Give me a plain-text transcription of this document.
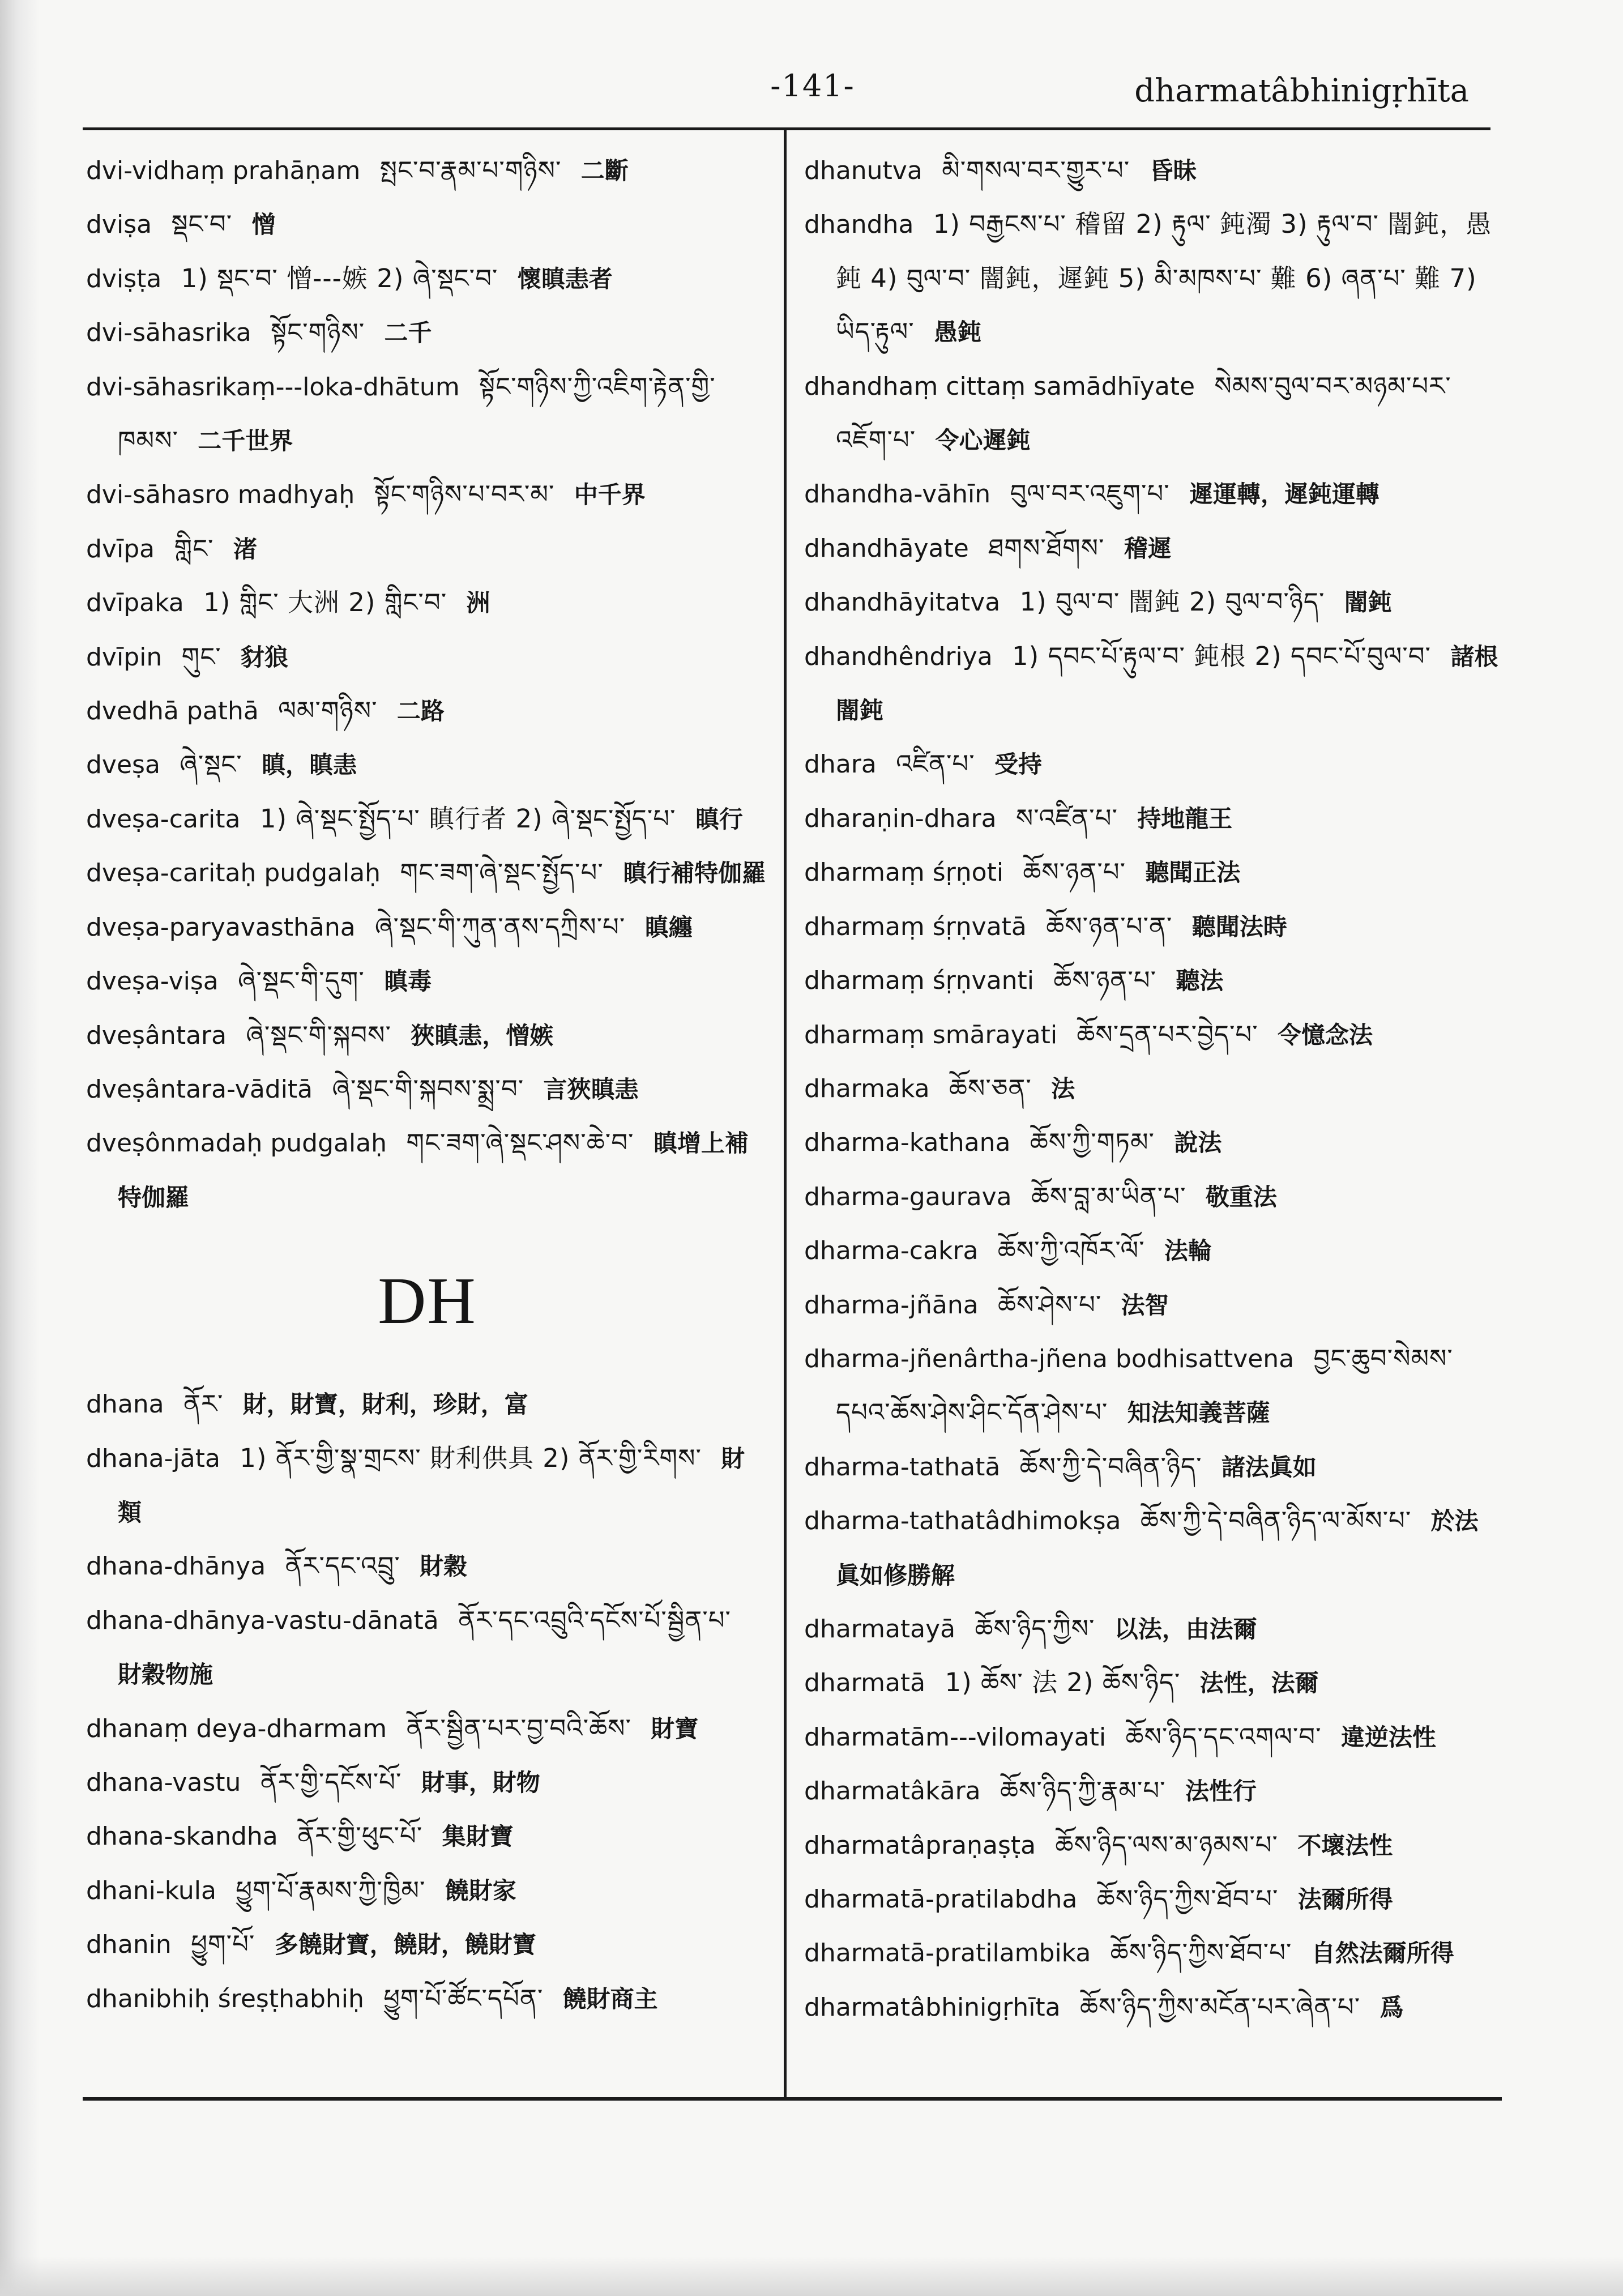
-141-	dharmatâbhinigṛhīta
dvi-vidhaṃ prahāṇam སྤང་བ་རྣམ་པ་གཉིས་ 二斷
dviṣa སྡང་བ་ 憎
dviṣṭa 1) སྡང་བ་ 憎---嫉 2) ཞེ་སྡང་བ་ 懷瞋恚者
dvi-sāhasrika སྟོང་གཉིས་ 二千
dvi-sāhasrikaṃ---loka-dhātum སྟོང་གཉིས་ཀྱི་འཇིག་རྟེན་གྱི་ཁམས་ 二千世界
dvi-sāhasro madhyaḥ སྟོང་གཉིས་པ་བར་མ་ 中千界
dvīpa གླིང་ 渚
dvīpaka 1) གླིང་ 大洲 2) གླིང་བ་ 洲
dvīpin གུང་ 豺狼
dvedhā pathā ལམ་གཉིས་ 二路
dveṣa ཞེ་སྡང་ 瞋，瞋恚
dveṣa-carita 1) ཞེ་སྡང་སྤྱོད་པ་ 瞋行者 2) ཞེ་སྡང་སྤྱོད་པ་ 瞋行
dveṣa-caritaḥ pudgalaḥ གང་ཟག་ཞེ་སྡང་སྤྱོད་པ་ 瞋行補特伽羅
dveṣa-paryavasthāna ཞེ་སྡང་གི་ཀུན་ནས་དཀྲིས་པ་ 瞋纏
dveṣa-viṣa ཞེ་སྡང་གི་དུག་ 瞋毒
dveṣântara ཞེ་སྡང་གི་སྐབས་ 狹瞋恚，憎嫉
dveṣântara-vāditā ཞེ་སྡང་གི་སྐབས་སྨྲ་བ་ 言狹瞋恚
dveṣônmadaḥ pudgalaḥ གང་ཟག་ཞེ་སྡང་ཤས་ཆེ་བ་ 瞋增上補特伽羅
DH
dhana ནོར་ 財，財寶，財利，珍財，富
dhana-jāta 1) ནོར་གྱི་སྣ་གྲངས་ 財利供具 2) ནོར་གྱི་རིགས་ 財類
dhana-dhānya ནོར་དང་འབྲུ་ 財穀
dhana-dhānya-vastu-dānatā ནོར་དང་འབྲུའི་དངོས་པོ་སྦྱིན་པ་ 財穀物施
dhanaṃ deya-dharmam ནོར་སྦྱིན་པར་བྱ་བའི་ཆོས་ 財寶
dhana-vastu ནོར་གྱི་དངོས་པོ་ 財事，財物
dhana-skandha ནོར་གྱི་ཕུང་པོ་ 集財寶
dhani-kula ཕྱུག་པོ་རྣམས་ཀྱི་ཁྱིམ་ 饒財家
dhanin ཕྱུག་པོ་ 多饒財寶，饒財，饒財寶
dhanibhiḥ śreṣṭhabhiḥ ཕྱུག་པོ་ཚོང་དཔོན་ 饒財商主
dhanutva མི་གསལ་བར་གྱུར་པ་ 昏昧
dhandha 1) བརྒྱངས་པ་ 稽留 2) རྟུལ་ 鈍濁 3) རྟུལ་བ་ 闇鈍，愚鈍 4) བུལ་བ་ 闇鈍，遲鈍 5) མི་མཁས་པ་ 難 6) ཞན་པ་ 難 7) ཡིད་རྟུལ་ 愚鈍
dhandhaṃ cittaṃ samādhīyate སེམས་བུལ་བར་མཉམ་པར་འཇོག་པ་ 令心遲鈍
dhandha-vāhīn བུལ་བར་འཇུག་པ་ 遲運轉，遲鈍運轉
dhandhāyate ཐགས་ཐོགས་ 稽遲
dhandhāyitatva 1) བུལ་བ་ 闇鈍 2) བུལ་བ་ཉིད་ 闇鈍
dhandhêndriya 1) དབང་པོ་རྟུལ་བ་ 鈍根 2) དབང་པོ་བུལ་བ་ 諸根闇鈍
dhara འཛིན་པ་ 受持
dharaṇin-dhara ས་འཛིན་པ་ 持地龍王
dharmaṃ śṛṇoti ཆོས་ཉན་པ་ 聽聞正法
dharmaṃ śṛṇvatā ཆོས་ཉན་པ་ན་ 聽聞法時
dharmaṃ śṛṇvanti ཆོས་ཉན་པ་ 聽法
dharmaṃ smārayati ཆོས་དྲན་པར་བྱེད་པ་ 令憶念法
dharmaka ཆོས་ཅན་ 法
dharma-kathana ཆོས་ཀྱི་གཏམ་ 說法
dharma-gaurava ཆོས་བླ་མ་ཡིན་པ་ 敬重法
dharma-cakra ཆོས་ཀྱི་འཁོར་ལོ་ 法輪
dharma-jñāna ཆོས་ཤེས་པ་ 法智
dharma-jñenârtha-jñena bodhisattvena བྱང་ཆུབ་སེམས་དཔའ་ཆོས་ཤེས་ཤིང་དོན་ཤེས་པ་ 知法知義菩薩
dharma-tathatā ཆོས་ཀྱི་དེ་བཞིན་ཉིད་ 諸法眞如
dharma-tathatâdhimokṣa ཆོས་ཀྱི་དེ་བཞིན་ཉིད་ལ་མོས་པ་ 於法眞如修勝解
dharmatayā ཆོས་ཉིད་ཀྱིས་ 以法，由法爾
dharmatā 1) ཆོས་ 法 2) ཆོས་ཉིད་ 法性，法爾
dharmatām---vilomayati ཆོས་ཉིད་དང་འགལ་བ་ 違逆法性
dharmatâkāra ཆོས་ཉིད་ཀྱི་རྣམ་པ་ 法性行
dharmatâpraṇaṣṭa ཆོས་ཉིད་ལས་མ་ཉམས་པ་ 不壞法性
dharmatā-pratilabdha ཆོས་ཉིད་ཀྱིས་ཐོབ་པ་ 法爾所得
dharmatā-pratilambika ཆོས་ཉིད་ཀྱིས་ཐོབ་པ་ 自然法爾所得
dharmatâbhinigṛhīta ཆོས་ཉིད་ཀྱིས་མངོན་པར་ཞེན་པ་ 爲
